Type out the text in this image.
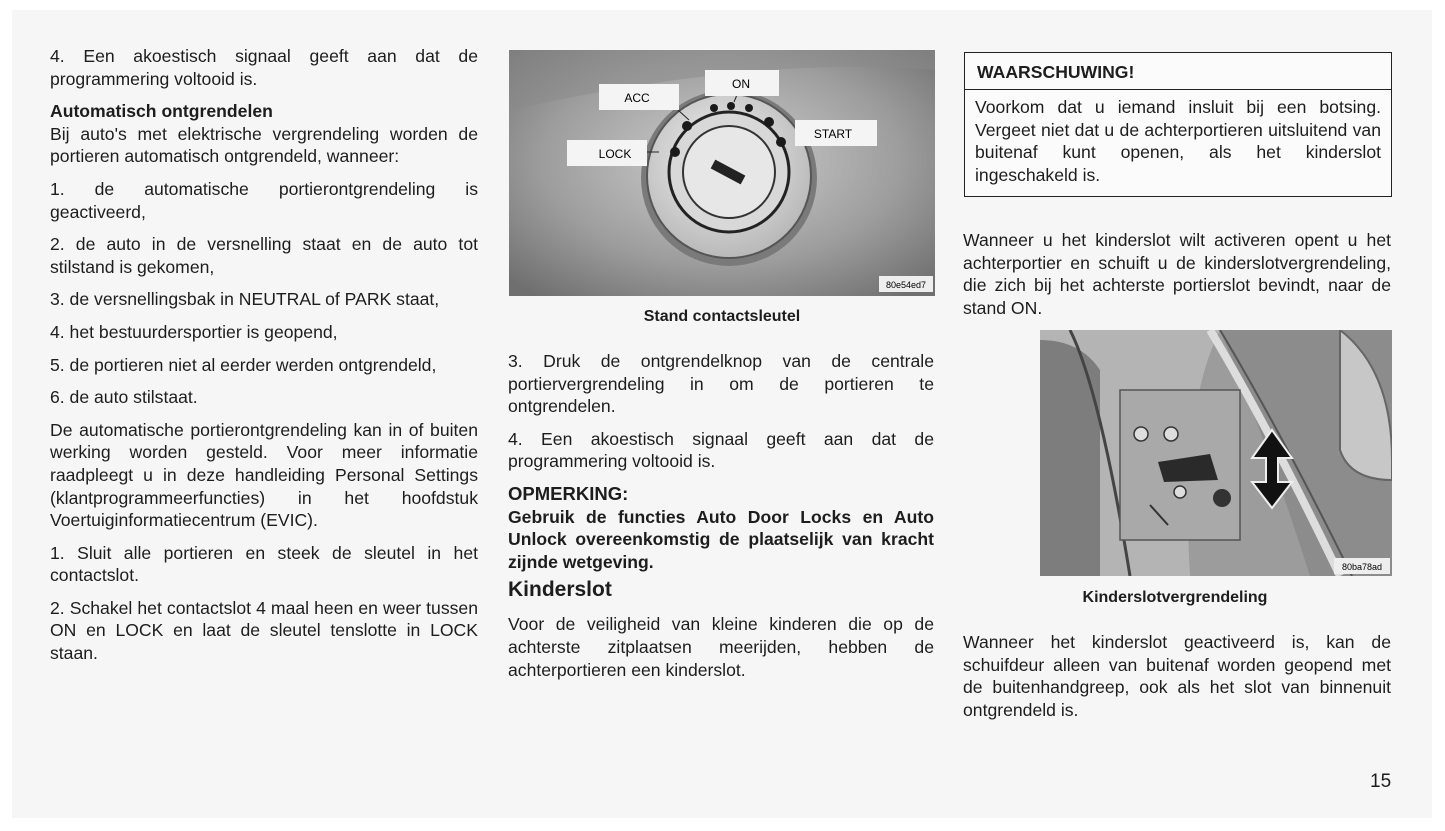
4. Een akoestisch signaal geeft aan dat de programmering voltooid is.

Automatisch ontgrendelen

Bij auto's met elektrische vergrendeling worden de portieren automatisch ontgrendeld, wanneer:

1. de automatische portierontgrendeling is geactiveerd,

2. de auto in de versnelling staat en de auto tot stilstand is gekomen,

3. de versnellingsbak in NEUTRAL of PARK staat,

4. het bestuurdersportier is geopend,

5. de portieren niet al eerder werden ontgrendeld,

6. de auto stilstaat.

De automatische portierontgrendeling kan in of buiten werking worden gesteld. Voor meer informatie raadpleegt u in deze handleiding Personal Settings (klantprogrammeerfuncties) in het hoofdstuk Voertuiginformatiecentrum (EVIC).

1. Sluit alle portieren en steek de sleutel in het contactslot.

2. Schakel het contactslot 4 maal heen en weer tussen ON en LOCK en laat de sleutel tenslotte in LOCK staan.

ACC
ON
LOCK
START
80e54ed7
Stand contactsleutel

3. Druk de ontgrendelknop van de centrale portiervergrendeling in om de portieren te ontgrendelen.

4. Een akoestisch signaal geeft aan dat de programmering voltooid is.

OPMERKING:

Gebruik de functies Auto Door Locks en Auto Unlock overeenkomstig de plaatselijk van kracht zijnde wetgeving.

Kinderslot

Voor de veiligheid van kleine kinderen die op de achterste zitplaatsen meerijden, hebben de achterportieren een kinderslot.

WAARSCHUWING!
Voorkom dat u iemand insluit bij een botsing. Vergeet niet dat u de achterportieren uitsluitend van buitenaf kunt openen, als het kinderslot ingeschakeld is.

Wanneer u het kinderslot wilt activeren opent u het achterportier en schuift u de kinderslotvergrendeling, die zich bij het achterste portierslot bevindt, naar de stand ON.

80ba78ad
Kinderslotvergrendeling

Wanneer het kinderslot geactiveerd is, kan de schuifdeur alleen van buitenaf worden geopend met de buitenhandgreep, ook als het slot van binnenuit ontgrendeld is.

15
